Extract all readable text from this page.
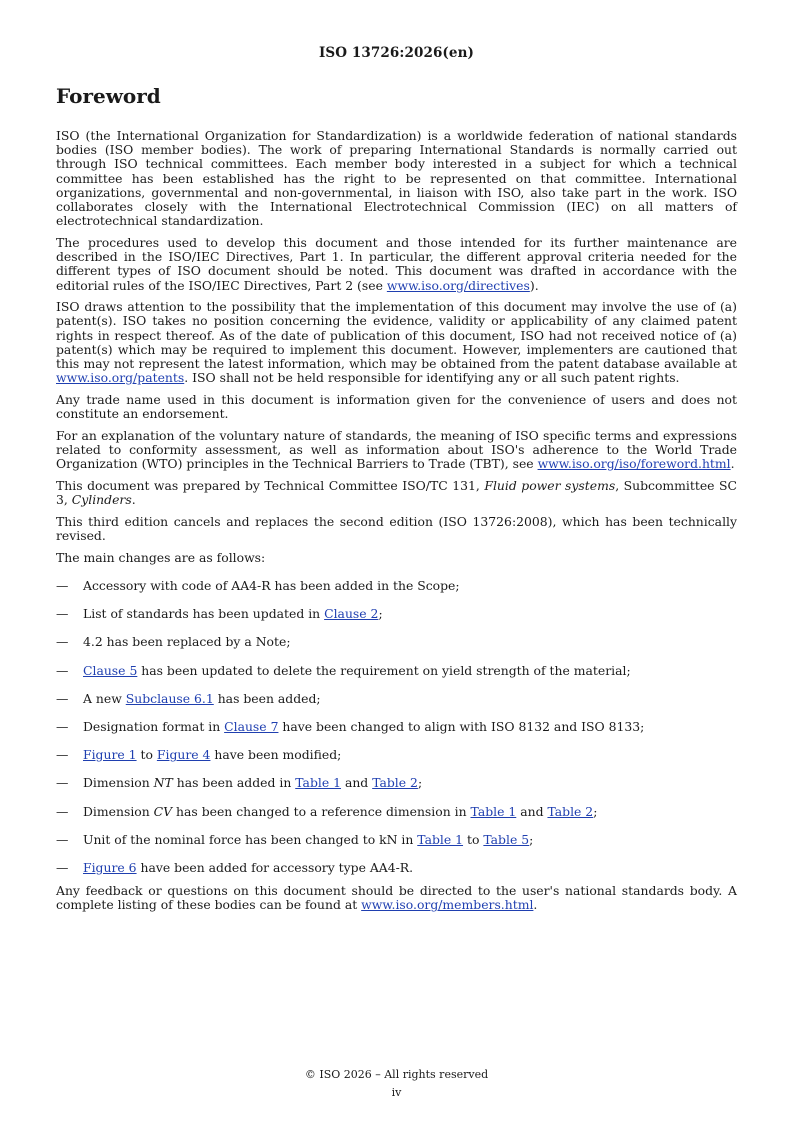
ISO 13726:2026(en)
Foreword

ISO (the International Organization for Standardization) is a worldwide federation of national standards bodies (ISO member bodies). The work of preparing International Standards is normally carried out through ISO technical committees. Each member body interested in a subject for which a technical committee has been established has the right to be represented on that committee. International organizations, governmental and non-governmental, in liaison with ISO, also take part in the work. ISO collaborates closely with the International Electrotechnical Commission (IEC) on all matters of electrotechnical standardization.

The procedures used to develop this document and those intended for its further maintenance are described in the ISO/IEC Directives, Part 1. In particular, the different approval criteria needed for the different types of ISO document should be noted. This document was drafted in accordance with the editorial rules of the ISO/IEC Directives, Part 2 (see www.iso.org/directives).

ISO draws attention to the possibility that the implementation of this document may involve the use of (a) patent(s). ISO takes no position concerning the evidence, validity or applicability of any claimed patent rights in respect thereof. As of the date of publication of this document, ISO had not received notice of (a) patent(s) which may be required to implement this document. However, implementers are cautioned that this may not represent the latest information, which may be obtained from the patent database available at www.iso.org/patents. ISO shall not be held responsible for identifying any or all such patent rights.

Any trade name used in this document is information given for the convenience of users and does not constitute an endorsement.

For an explanation of the voluntary nature of standards, the meaning of ISO specific terms and expressions related to conformity assessment, as well as information about ISO's adherence to the World Trade Organization (WTO) principles in the Technical Barriers to Trade (TBT), see www.iso.org/iso/foreword.html.

This document was prepared by Technical Committee ISO/TC 131, Fluid power systems, Subcommittee SC 3, Cylinders.

This third edition cancels and replaces the second edition (ISO 13726:2008), which has been technically revised.

The main changes are as follows:

— Accessory with code of AA4-R has been added in the Scope;
— List of standards has been updated in Clause 2;
— 4.2 has been replaced by a Note;
— Clause 5 has been updated to delete the requirement on yield strength of the material;
— A new Subclause 6.1 has been added;
— Designation format in Clause 7 have been changed to align with ISO 8132 and ISO 8133;
— Figure 1 to Figure 4 have been modified;
— Dimension NT has been added in Table 1 and Table 2;
— Dimension CV has been changed to a reference dimension in Table 1 and Table 2;
— Unit of the nominal force has been changed to kN in Table 1 to Table 5;
— Figure 6 have been added for accessory type AA4-R.

Any feedback or questions on this document should be directed to the user's national standards body. A complete listing of these bodies can be found at www.iso.org/members.html.

© ISO 2026 – All rights reserved
iv
